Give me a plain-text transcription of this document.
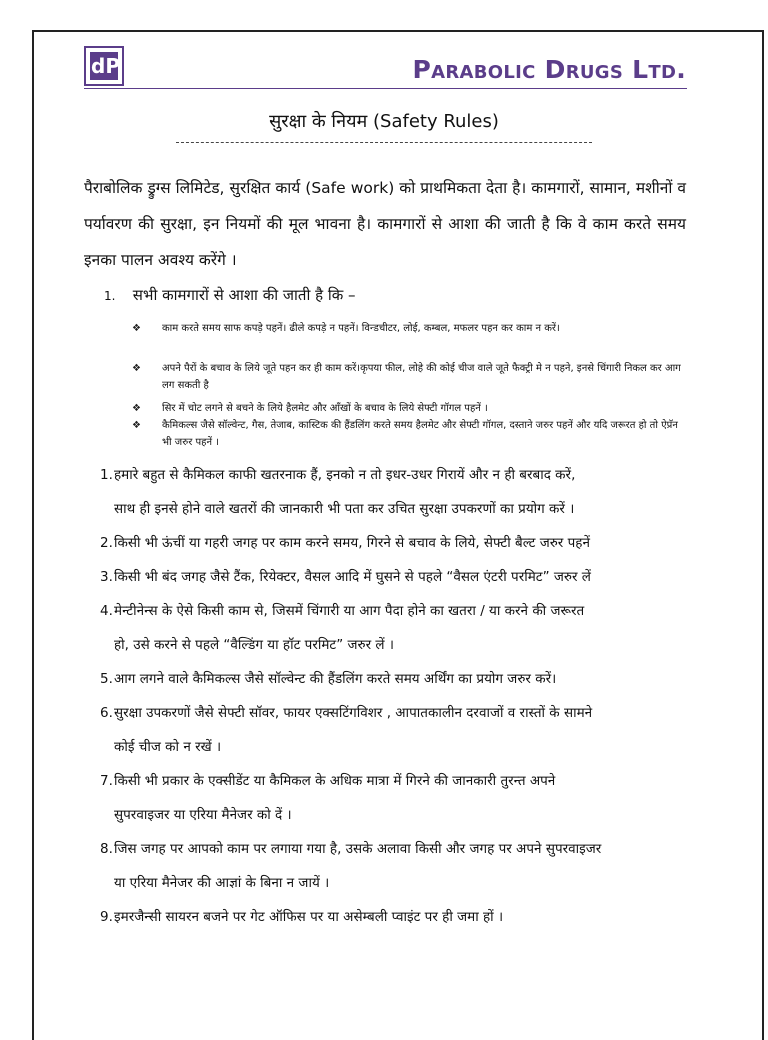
dP	Parabolic Drugs Ltd.
सुरक्षा के नियम (Safety Rules)

पैराबोलिक ड्रुग्स लिमिटेड, सुरक्षित कार्य (Safe work) को प्राथमिकता देता है। कामगारों, सामान, मशीनों व पर्यावरण की सुरक्षा, इन नियमों की मूल भावना है। कामगारों से आशा की जाती है कि वे काम करते समय इनका पालन अवश्य करेंगे ।

1. सभी कामगारों से आशा की जाती है कि –
❖ काम करते समय साफ कपड़े पहनें। ढीले कपड़े न पहनें। विन्डचीटर, लोई, कम्बल, मफलर पहन कर काम न करें।
❖ अपने पैरों के बचाव के लिये जूते पहन कर ही काम करें।कृपया फील, लोहे की कोई चीज वाले जूते फैक्ट्री मे न पहने, इनसे चिंगारी निकल कर आग लग सकती है
❖ सिर में चोट लगने से बचने के लिये हैलमेट और आँखों के बचाव के लिये सेफ्टी गॉगल पहनें ।
❖ कैमिकल्स जैसे सॉल्वेन्ट, गैस, तेजाब, कास्टिक की हैंडलिंग करते समय हैलमेट और सेफ्टी गॉगल, दस्ताने जरुर पहनें और यदि जरूरत हो तो ऐप्रॅन भी जरुर पहनें ।
1.हमारे बहुत से कैमिकल काफी खतरनाक हैं, इनको न तो इधर-उधर गिरायें और न ही बरबाद करें,
साथ ही इनसे होने वाले खतरों की जानकारी भी पता कर उचित सुरक्षा उपकरणों का प्रयोग करें ।
2.किसी भी ऊंचीं या गहरी जगह पर काम करने समय, गिरने से बचाव के लिये, सेफ्टी बैल्ट जरुर पहनें
3.किसी भी बंद जगह जैसे टैंक, रियेक्टर, वैसल आदि में घुसने से पहले “वैसल एंटरी परमिट” जरुर लें
4.मेन्टीनेन्स के ऐसे किसी काम से, जिसमें चिंगारी या आग पैदा होने का खतरा / या करने की जरूरत
हो, उसे करने से पहले “वैल्डिंग या हॉट परमिट” जरुर लें ।
5.आग लगने वाले कैमिकल्स जैसे सॉल्वेन्ट की हैंडलिंग करते समय अर्थिंग का प्रयोग जरुर करें।
6.सुरक्षा उपकरणों जैसे सेफ्टी सॉवर, फायर एक्सटिंगविशर , आपातकालीन दरवाजों व रास्तों के सामने
कोई चीज को न रखें ।
7.किसी भी प्रकार के एक्सीडेंट या कैमिकल के अधिक मात्रा में गिरने की जानकारी तुरन्त अपने
सुपरवाइजर या एरिया मैनेजर को दें ।
8.जिस जगह पर आपको काम पर लगाया गया है, उसके अलावा किसी और जगह पर अपने सुपरवाइजर
या एरिया मैनेजर की आज्ञां के बिना न जायें ।
9.इमरजैन्सी सायरन बजने पर गेट ऑफिस पर या असेम्बली प्वाइंट पर ही जमा हों ।
